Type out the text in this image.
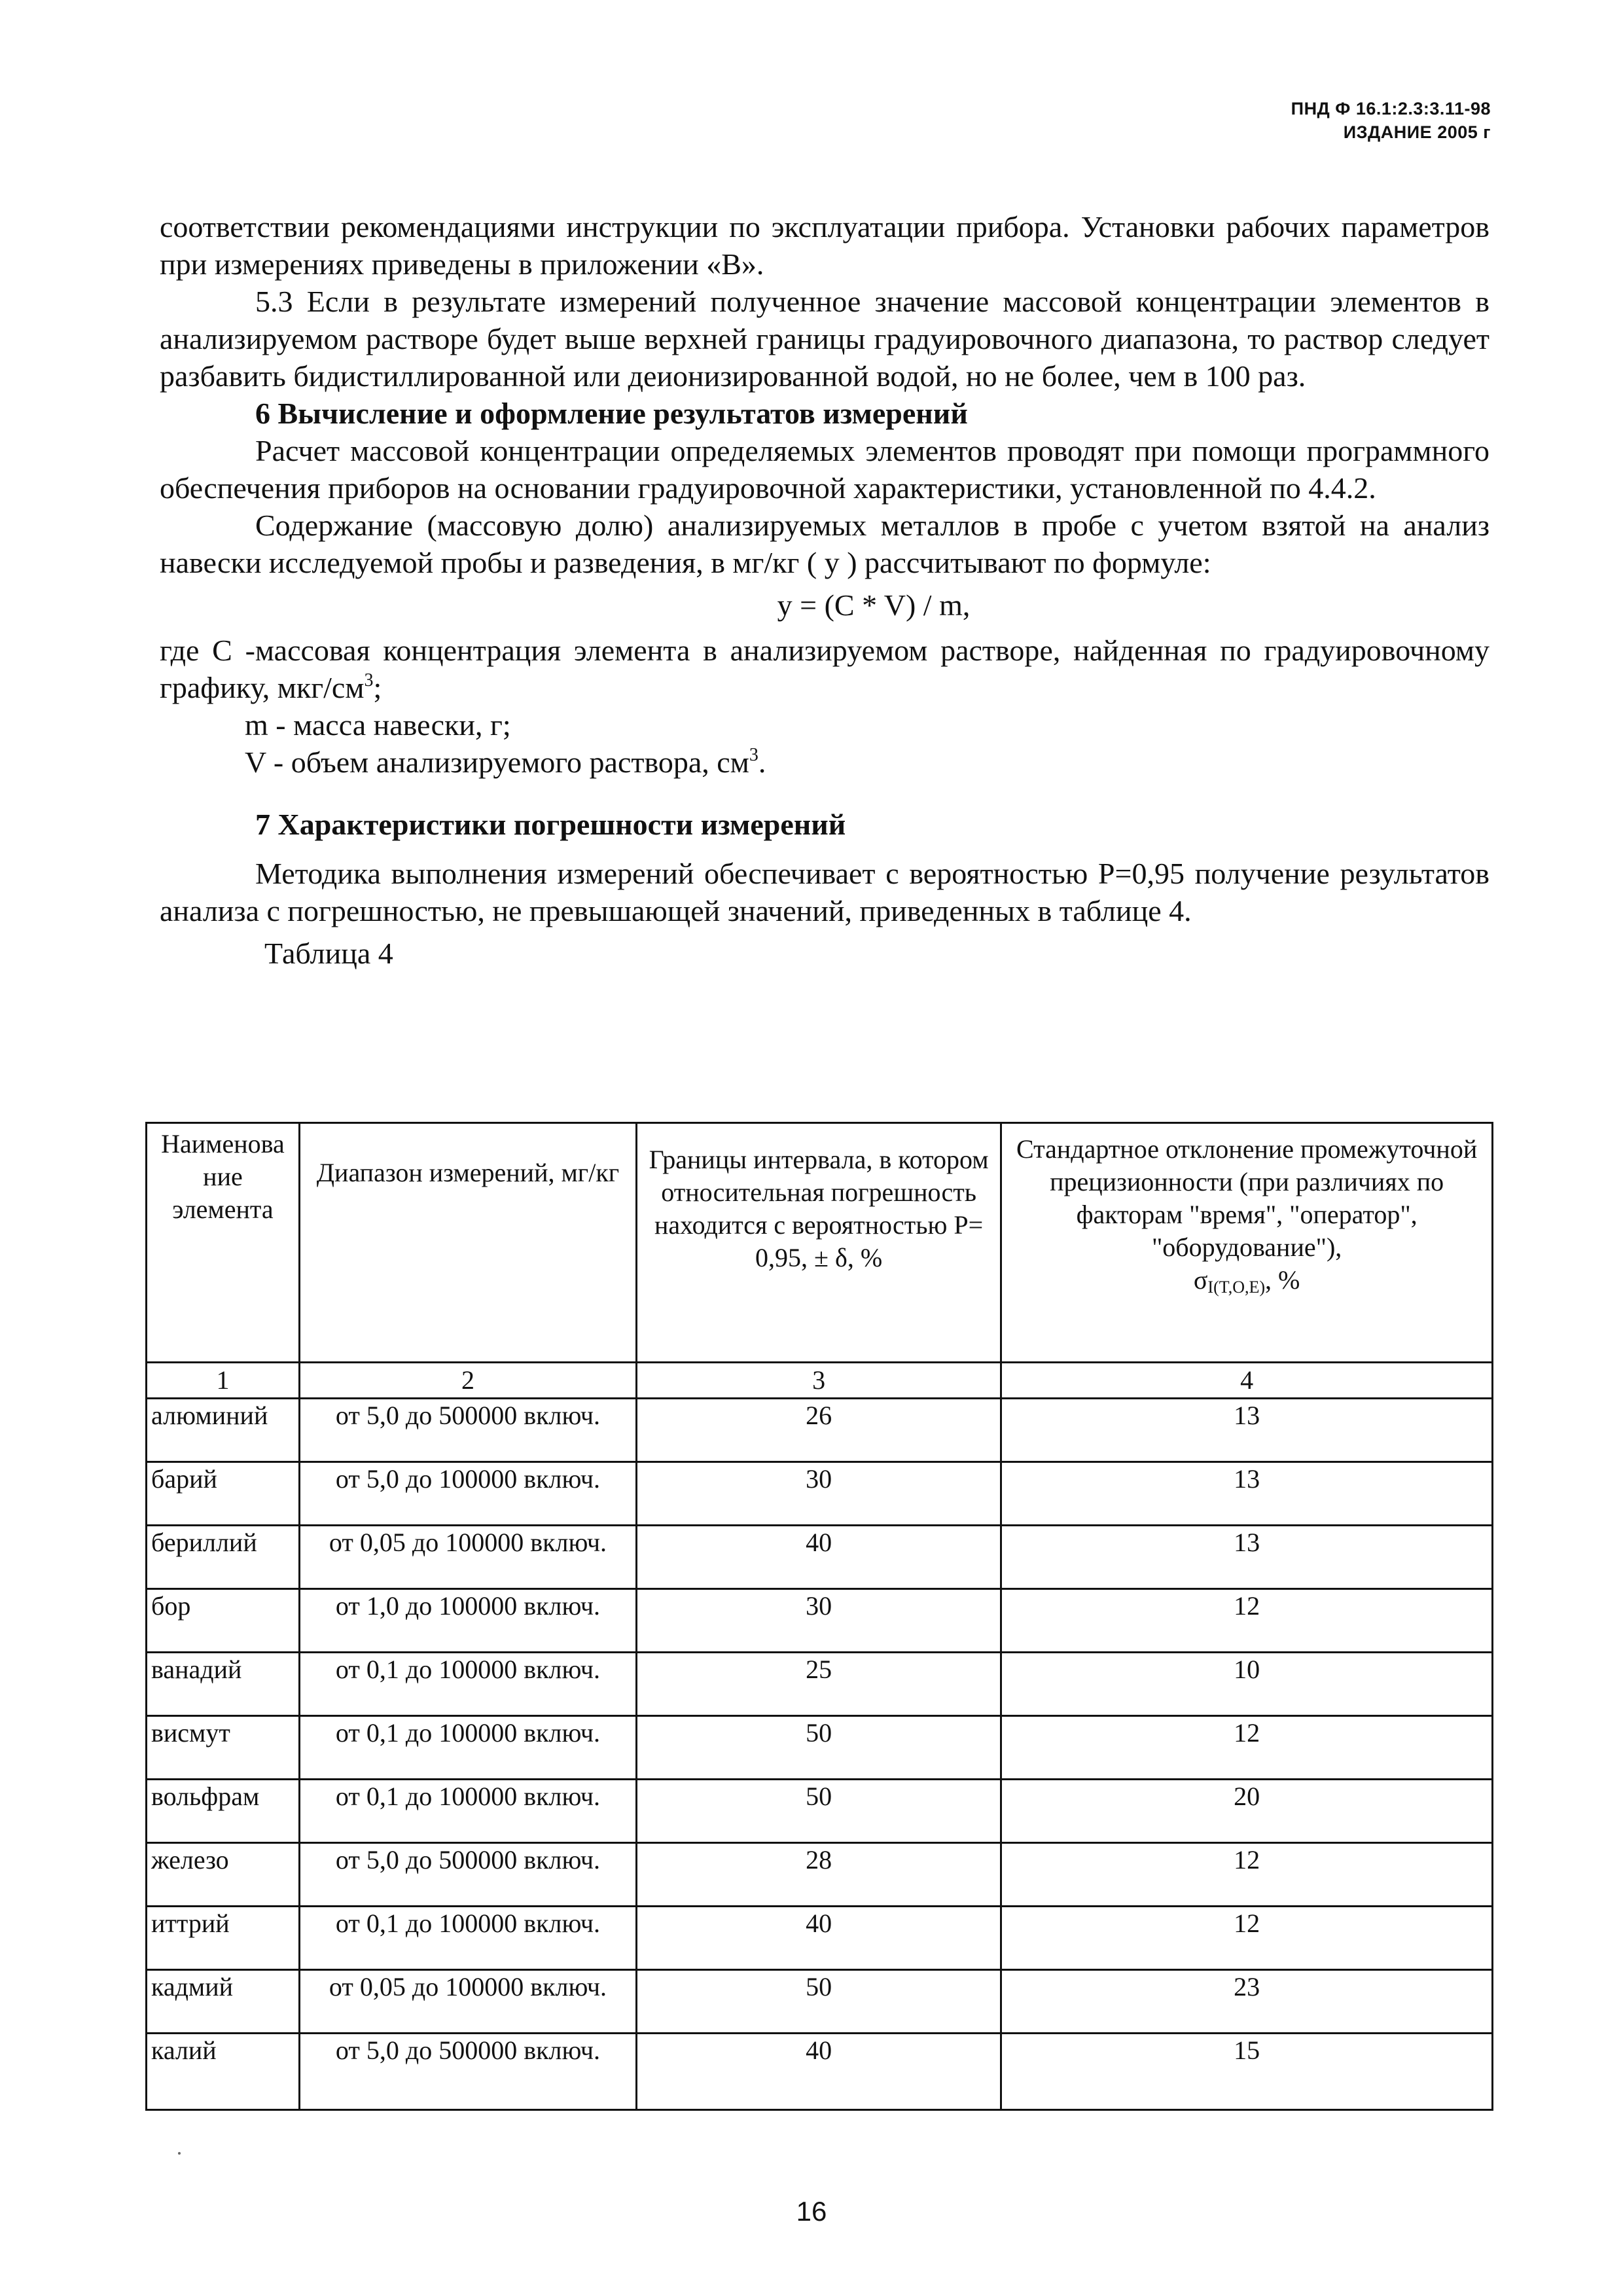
ПНД Ф 16.1:2.3:3.11-98
ИЗДАНИЕ 2005 г

соответствии рекомендациями инструкции по эксплуатации прибора. Установки рабочих параметров при измерениях приведены в приложении «В».

5.3 Если в результате измерений полученное значение массовой концентрации элементов в анализируемом растворе будет выше верхней границы градуировочного диапазона, то раствор следует разбавить бидистиллированной или деионизированной водой, но не более, чем в 100 раз.

6 Вычисление и оформление результатов измерений

Расчет массовой концентрации определяемых элементов проводят при помощи программного обеспечения приборов на основании градуировочной характеристики, установленной по 4.4.2.

Содержание (массовую долю) анализируемых металлов в пробе с учетом взятой на анализ навески исследуемой пробы и разведения, в мг/кг ( y ) рассчитывают по формуле:

y = (C * V) / m,

где C -массовая концентрация элемента в анализируемом растворе, найденная по градуировочному графику, мкг/$см^3$;

m - масса навески, г;

V - объем анализируемого раствора, $см^3$.

7 Характеристики погрешности измерений

Методика выполнения измерений обеспечивает с вероятностью P=0,95 получение результатов анализа с погрешностью, не превышающей значений, приведенных в таблице 4.

Таблица 4

Наименова ние элемента	Диапазон измерений, мг/кг	Границы интервала, в котором относительная погрешность находится с вероятностью P= 0,95, ± δ, %	Стандартное отклонение промежуточной прецизионности (при различиях по факторам "время", "оператор", "оборудование"),
$\sigma_{I(T,O,E)}$, %
1	2	3	4
алюминий	от 5,0 до 500000 включ.	26	13
барий	от 5,0 до 100000 включ.	30	13
бериллий	от 0,05 до 100000 включ.	40	13
бор	от 1,0 до 100000 включ.	30	12
ванадий	от 0,1 до 100000 включ.	25	10
висмут	от 0,1 до 100000 включ.	50	12
вольфрам	от 0,1 до 100000 включ.	50	20
железо	от 5,0 до 500000 включ.	28	12
иттрий	от 0,1 до 100000 включ.	40	12
кадмий	от 0,05 до 100000 включ.	50	23
калий	от 5,0 до 500000 включ.	40	15
16
